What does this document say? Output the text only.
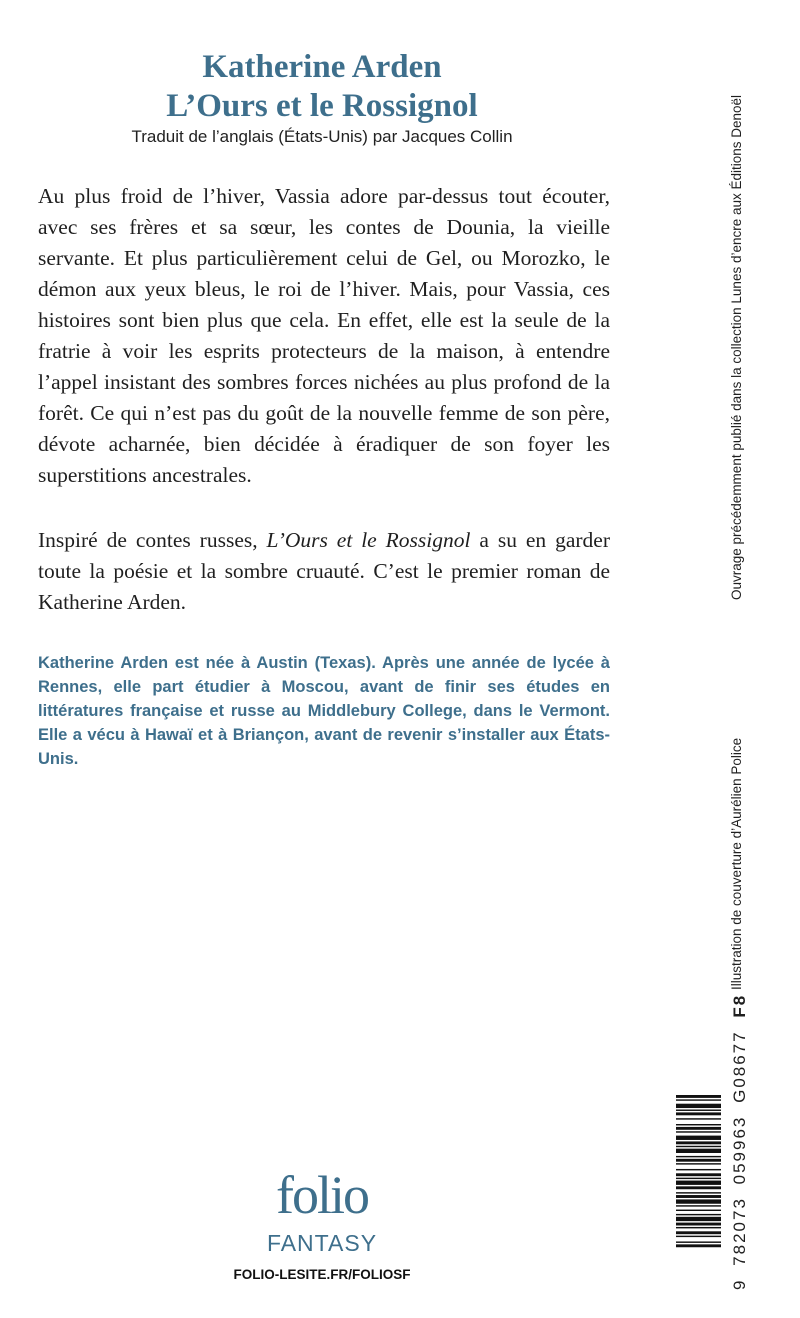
Katherine Arden
L’Ours et le Rossignol
Traduit de l’anglais (États-Unis) par Jacques Collin

Au plus froid de l’hiver, Vassia adore par-dessus tout écouter, avec ses frères et sa sœur, les contes de Dounia, la vieille servante. Et plus particulièrement celui de Gel, ou Morozko, le démon aux yeux bleus, le roi de l’hiver. Mais, pour Vassia, ces histoires sont bien plus que cela. En effet, elle est la seule de la fratrie à voir les esprits protecteurs de la maison, à entendre l’appel insistant des sombres forces nichées au plus profond de la forêt. Ce qui n’est pas du goût de la nouvelle femme de son père, dévote acharnée, bien décidée à éradiquer de son foyer les superstitions ancestrales.

Inspiré de contes russes, L’Ours et le Rossignol a su en garder toute la poésie et la sombre cruauté. C’est le premier roman de Katherine Arden.

Katherine Arden est née à Austin (Texas). Après une année de lycée à Rennes, elle part étudier à Moscou, avant de finir ses études en littératures française et russe au Middlebury College, dans le Vermont. Elle a vécu à Hawaï et à Briançon, avant de revenir s’installer aux États-Unis.

Ouvrage précédemment publié dans la collection Lunes d’encre aux Éditions Denoël
Illustration de couverture d’Aurélien Police
9 782073 059963 G08677 F8
folio
FANTASY
FOLIO-LESITE.FR/FOLIOSF
